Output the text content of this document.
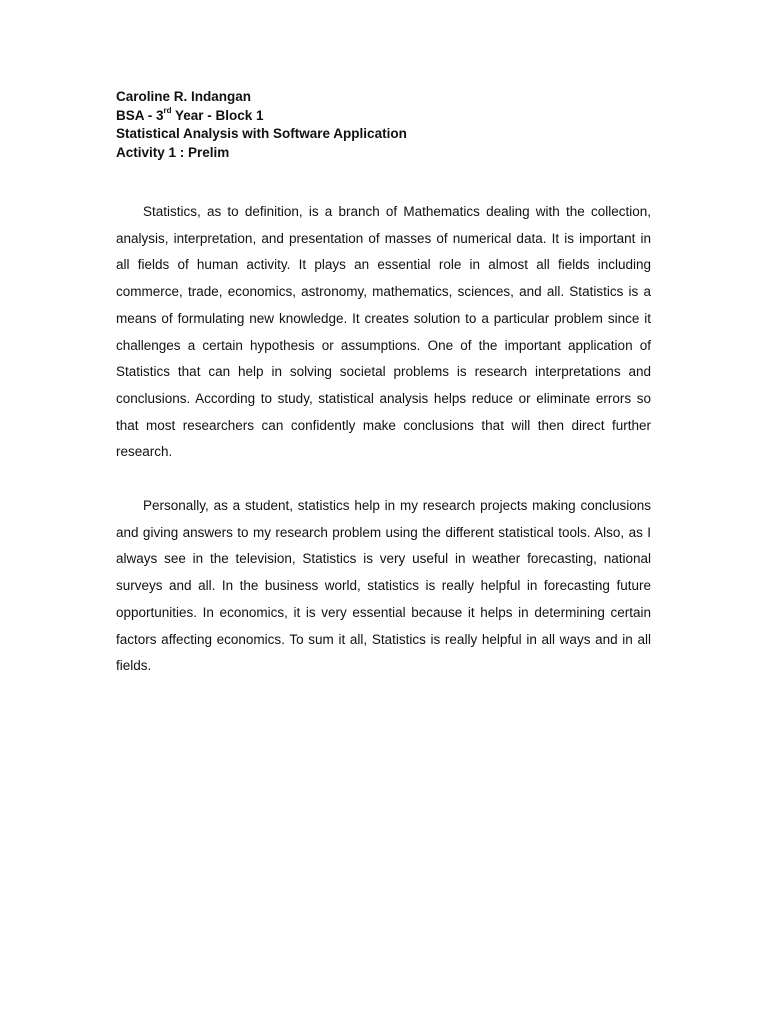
Caroline R. Indangan
BSA - 3rd Year - Block 1
Statistical Analysis with Software Application
Activity 1 : Prelim

Statistics, as to definition, is a branch of Mathematics dealing with the collection, analysis, interpretation, and presentation of masses of numerical data. It is important in all fields of human activity. It plays an essential role in almost all fields including commerce, trade, economics, astronomy, mathematics, sciences, and all. Statistics is a means of formulating new knowledge. It creates solution to a particular problem since it challenges a certain hypothesis or assumptions. One of the important application of Statistics that can help in solving societal problems is research interpretations and conclusions. According to study, statistical analysis helps reduce or eliminate errors so that most researchers can confidently make conclusions that will then direct further research.

Personally, as a student, statistics help in my research projects making conclusions and giving answers to my research problem using the different statistical tools. Also, as I always see in the television, Statistics is very useful in weather forecasting, national surveys and all. In the business world, statistics is really helpful in forecasting future opportunities. In economics, it is very essential because it helps in determining certain factors affecting economics. To sum it all, Statistics is really helpful in all ways and in all fields.
